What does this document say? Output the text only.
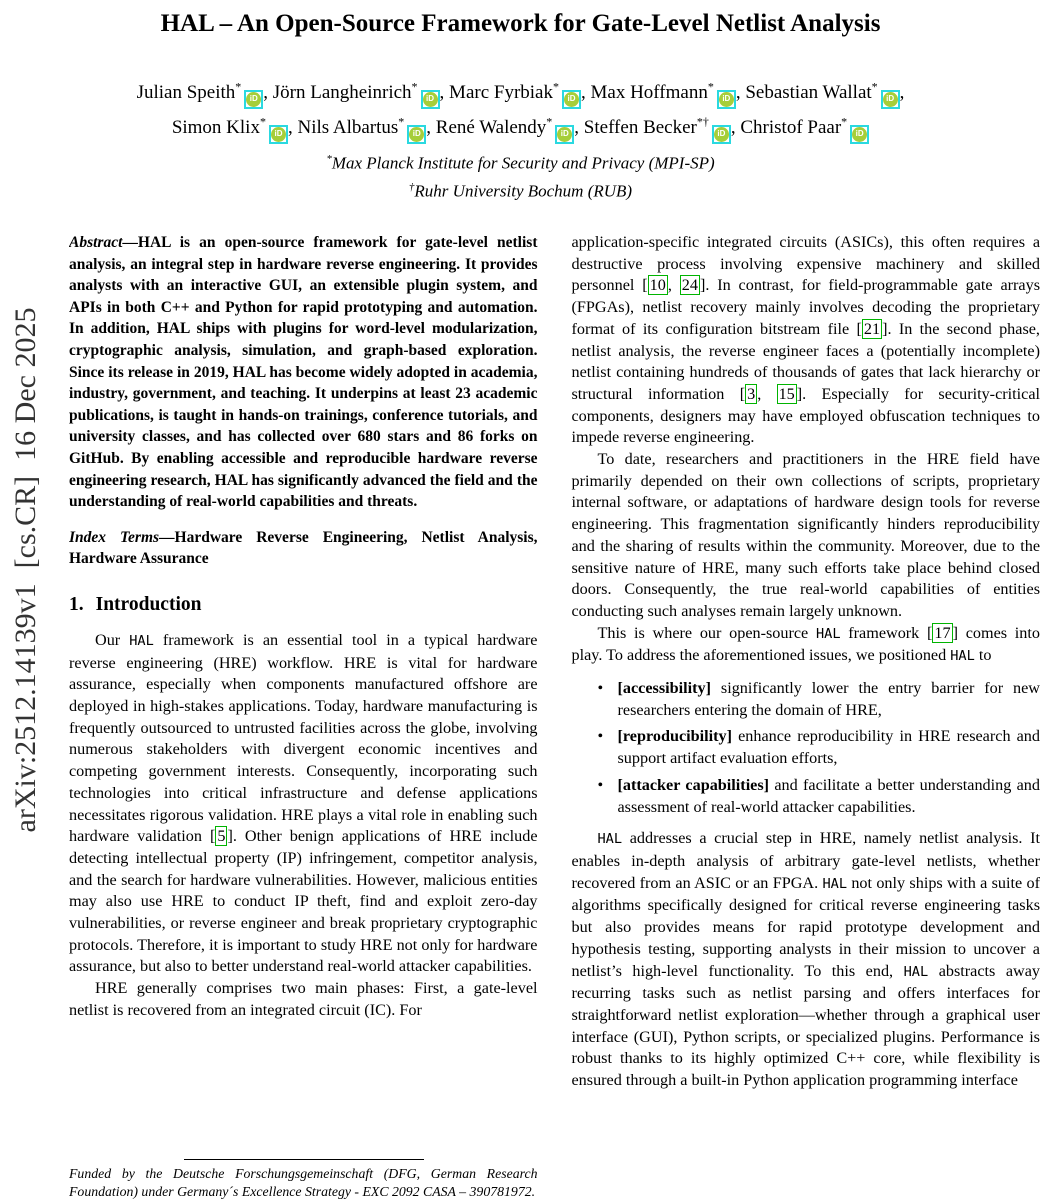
arXiv:2512.14139v1  [cs.CR]  16 Dec 2025
HAL – An Open-Source Framework for Gate-Level Netlist Analysis
Julian Speith*iD , Jörn Langheinrich*iD , Marc Fyrbiak*iD , Max Hoffmann*iD , Sebastian Wallat*iD ,
Simon Klix*iD , Nils Albartus*iD , René Walendy*iD , Steffen Becker*†iD , Christof Paar*iD
*Max Planck Institute for Security and Privacy (MPI-SP)
†Ruhr University Bochum (RUB)

Abstract—HAL is an open-source framework for gate-level netlist analysis, an integral step in hardware reverse engineering. It provides analysts with an interactive GUI, an extensible plugin system, and APIs in both C++ and Python for rapid prototyping and automation. In addition, HAL ships with plugins for word-level modularization, cryptographic analysis, simulation, and graph-based exploration. Since its release in 2019, HAL has become widely adopted in academia, industry, government, and teaching. It underpins at least 23 academic publications, is taught in hands-on trainings, conference tutorials, and university classes, and has collected over 680 stars and 86 forks on GitHub. By enabling accessible and reproducible hardware reverse engineering research, HAL has significantly advanced the field and the understanding of real-world capabilities and threats.

Index Terms—Hardware Reverse Engineering, Netlist Analysis, Hardware Assurance

1. Introduction

Our HAL framework is an essential tool in a typical hardware reverse engineering (HRE) workflow. HRE is vital for hardware assurance, especially when components manufactured offshore are deployed in high-stakes applications. Today, hardware manufacturing is frequently outsourced to untrusted facilities across the globe, involving numerous stakeholders with divergent economic incentives and competing government interests. Consequently, incorporating such technologies into critical infrastructure and defense applications necessitates rigorous validation. HRE plays a vital role in enabling such hardware validation [ 5 ]. Other benign applications of HRE include detecting intellectual property (IP) infringement, competitor analysis, and the search for hardware vulnerabilities. However, malicious entities may also use HRE to conduct IP theft, find and exploit zero-day vulnerabilities, or reverse engineer and break proprietary cryptographic protocols. Therefore, it is important to study HRE not only for hardware assurance, but also to better understand real-world attacker capabilities.

HRE generally comprises two main phases: First, a gate-level netlist is recovered from an integrated circuit (IC). For

Funded by the Deutsche Forschungsgemeinschaft (DFG, German Research Foundation) under Germany´s Excellence Strategy - EXC 2092 CASA – 390781972.

application-specific integrated circuits (ASICs), this often requires a destructive process involving expensive machinery and skilled personnel [ 10 , 24 ]. In contrast, for field-programmable gate arrays (FPGAs), netlist recovery mainly involves decoding the proprietary format of its configuration bitstream file [ 21 ]. In the second phase, netlist analysis, the reverse engineer faces a (potentially incomplete) netlist containing hundreds of thousands of gates that lack hierarchy or structural information [ 3 , 15 ]. Especially for security-critical components, designers may have employed obfuscation techniques to impede reverse engineering.

To date, researchers and practitioners in the HRE field have primarily depended on their own collections of scripts, proprietary internal software, or adaptations of hardware design tools for reverse engineering. This fragmentation significantly hinders reproducibility and the sharing of results within the community. Moreover, due to the sensitive nature of HRE, many such efforts take place behind closed doors. Consequently, the true real-world capabilities of entities conducting such analyses remain largely unknown.

This is where our open-source HAL framework [ 17 ] comes into play. To address the aforementioned issues, we positioned HAL to

• [accessibility] significantly lower the entry barrier for new researchers entering the domain of HRE,
• [reproducibility] enhance reproducibility in HRE research and support artifact evaluation efforts,
• [attacker capabilities] and facilitate a better understanding and assessment of real-world attacker capabilities.

HAL addresses a crucial step in HRE, namely netlist analysis. It enables in-depth analysis of arbitrary gate-level netlists, whether recovered from an ASIC or an FPGA. HAL not only ships with a suite of algorithms specifically designed for critical reverse engineering tasks but also provides means for rapid prototype development and hypothesis testing, supporting analysts in their mission to uncover a netlist’s high-level functionality. To this end, HAL abstracts away recurring tasks such as netlist parsing and offers interfaces for straightforward netlist exploration—whether through a graphical user interface (GUI), Python scripts, or specialized plugins. Performance is robust thanks to its highly optimized C++ core, while flexibility is ensured through a built-in Python application programming interface
